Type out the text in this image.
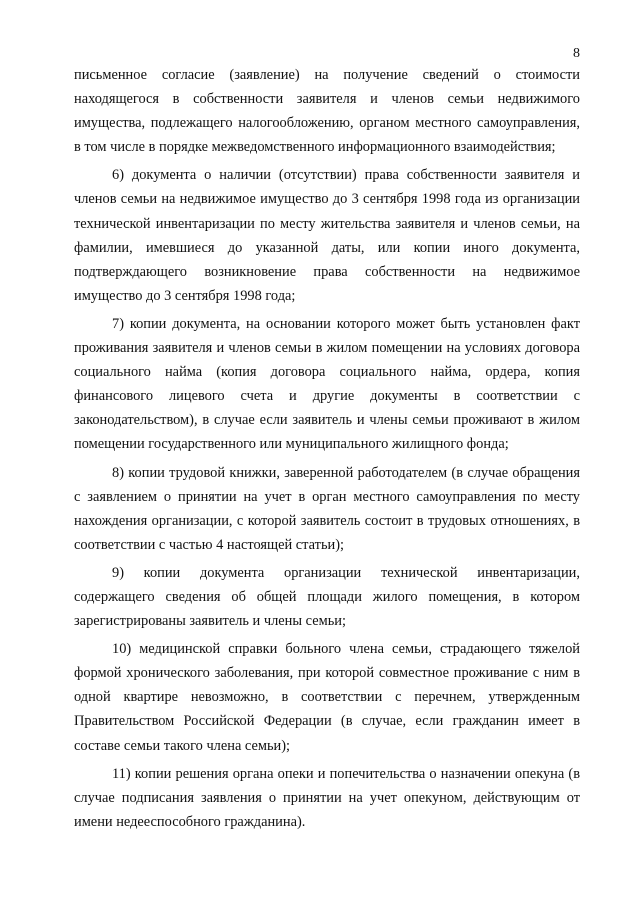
8

письменное согласие (заявление) на получение сведений о стоимости находящегося в собственности заявителя и членов семьи недвижимого имущества, подлежащего налогообложению, органом местного самоуправления, в том числе в порядке межведомственного информационного взаимодействия;

6) документа о наличии (отсутствии) права собственности заявителя и членов семьи на недвижимое имущество до 3 сентября 1998 года из организации технической инвентаризации по месту жительства заявителя и членов семьи, на фамилии, имевшиеся до указанной даты, или копии иного документа, подтверждающего возникновение права собственности на недвижимое имущество до 3 сентября 1998 года;

7) копии документа, на основании которого может быть установлен факт проживания заявителя и членов семьи в жилом помещении на условиях договора социального найма (копия договора социального найма, ордера, копия финансового лицевого счета и другие документы в соответствии с законодательством), в случае если заявитель и члены семьи проживают в жилом помещении государственного или муниципального жилищного фонда;

8) копии трудовой книжки, заверенной работодателем (в случае обращения с заявлением о принятии на учет в орган местного самоуправления по месту нахождения организации, с которой заявитель состоит в трудовых отношениях, в соответствии с частью 4 настоящей статьи);

9) копии документа организации технической инвентаризации, содержащего сведения об общей площади жилого помещения, в котором зарегистрированы заявитель и члены семьи;

10) медицинской справки больного члена семьи, страдающего тяжелой формой хронического заболевания, при которой совместное проживание с ним в одной квартире невозможно, в соответствии с перечнем, утвержденным Правительством Российской Федерации (в случае, если гражданин имеет в составе семьи такого члена семьи);

11) копии решения органа опеки и попечительства о назначении опекуна (в случае подписания заявления о принятии на учет опекуном, действующим от имени недееспособного гражданина).
